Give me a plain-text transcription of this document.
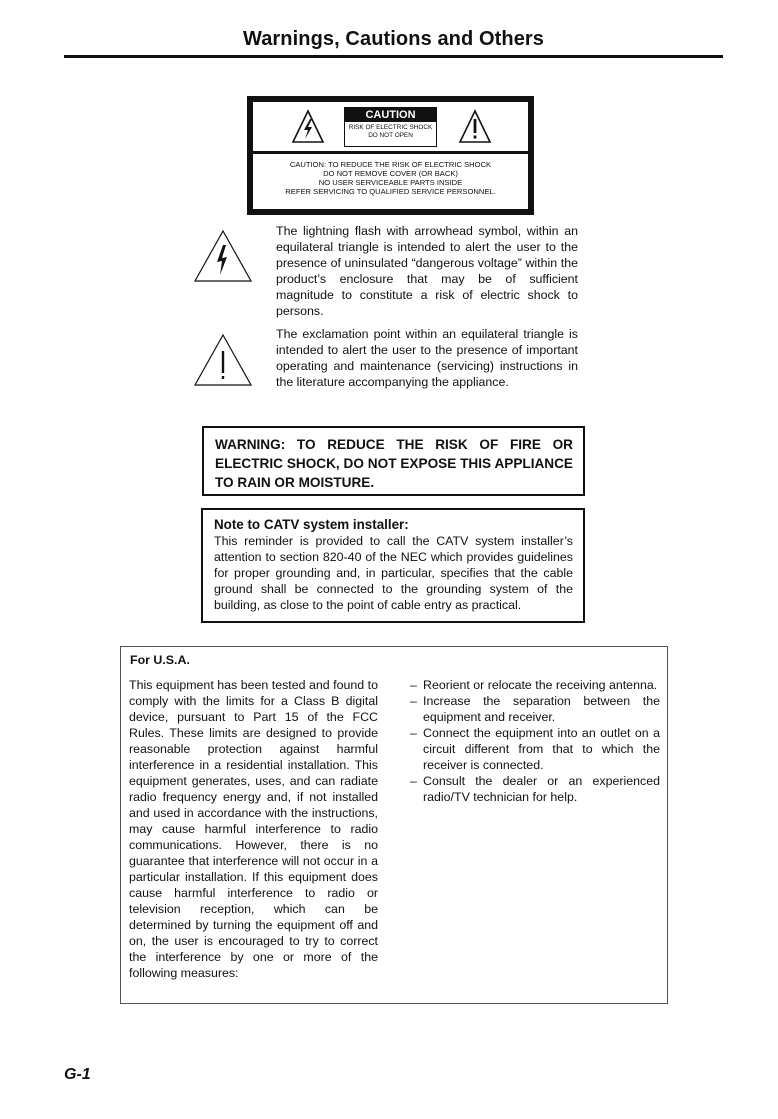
Warnings, Cautions and Others
CAUTION
RISK OF ELECTRIC SHOCK
DO NOT OPEN
CAUTION: TO REDUCE THE RISK OF ELECTRIC SHOCK
DO NOT REMOVE COVER (OR BACK)
NO USER SERVICEABLE PARTS INSIDE
REFER SERVICING TO QUALIFIED SERVICE PERSONNEL.
The lightning flash with arrowhead symbol, within an equilateral triangle is intended to alert the user to the presence of uninsulated “dangerous voltage” within the product’s enclosure that may be of sufficient magnitude to constitute a risk of electric shock to persons.
The exclamation point within an equilateral triangle is intended to alert the user to the presence of important operating and maintenance (servicing) instructions in the literature accompanying the appliance.
WARNING: TO REDUCE THE RISK OF FIRE OR ELECTRIC SHOCK, DO NOT EXPOSE THIS APPLIANCE TO RAIN OR MOISTURE.
Note to CATV system installer:
This reminder is provided to call the CATV system installer’s attention to section 820-40 of the NEC which provides guidelines for proper grounding and, in particular, specifies that the cable ground shall be connected to the grounding system of the building, as close to the point of cable entry as practical.
For U.S.A.
This equipment has been tested and found to comply with the limits for a Class B digital device, pursuant to Part 15 of the FCC Rules. These limits are designed to provide reasonable protection against harmful interference in a residential installation. This equipment generates, uses, and can radiate radio frequency energy and, if not installed and used in accordance with the instructions, may cause harmful interference to radio communications. However, there is no guarantee that interference will not occur in a particular installation. If this equipment does cause harmful interference to radio or television reception, which can be determined by turning the equipment off and on, the user is encouraged to try to correct the interference by one or more of the following measures:
– Reorient or relocate the receiving antenna.
– Increase the separation between the equipment and receiver.
– Connect the equipment into an outlet on a circuit different from that to which the receiver is connected.
– Consult the dealer or an experienced radio/TV technician for help.
G-1
